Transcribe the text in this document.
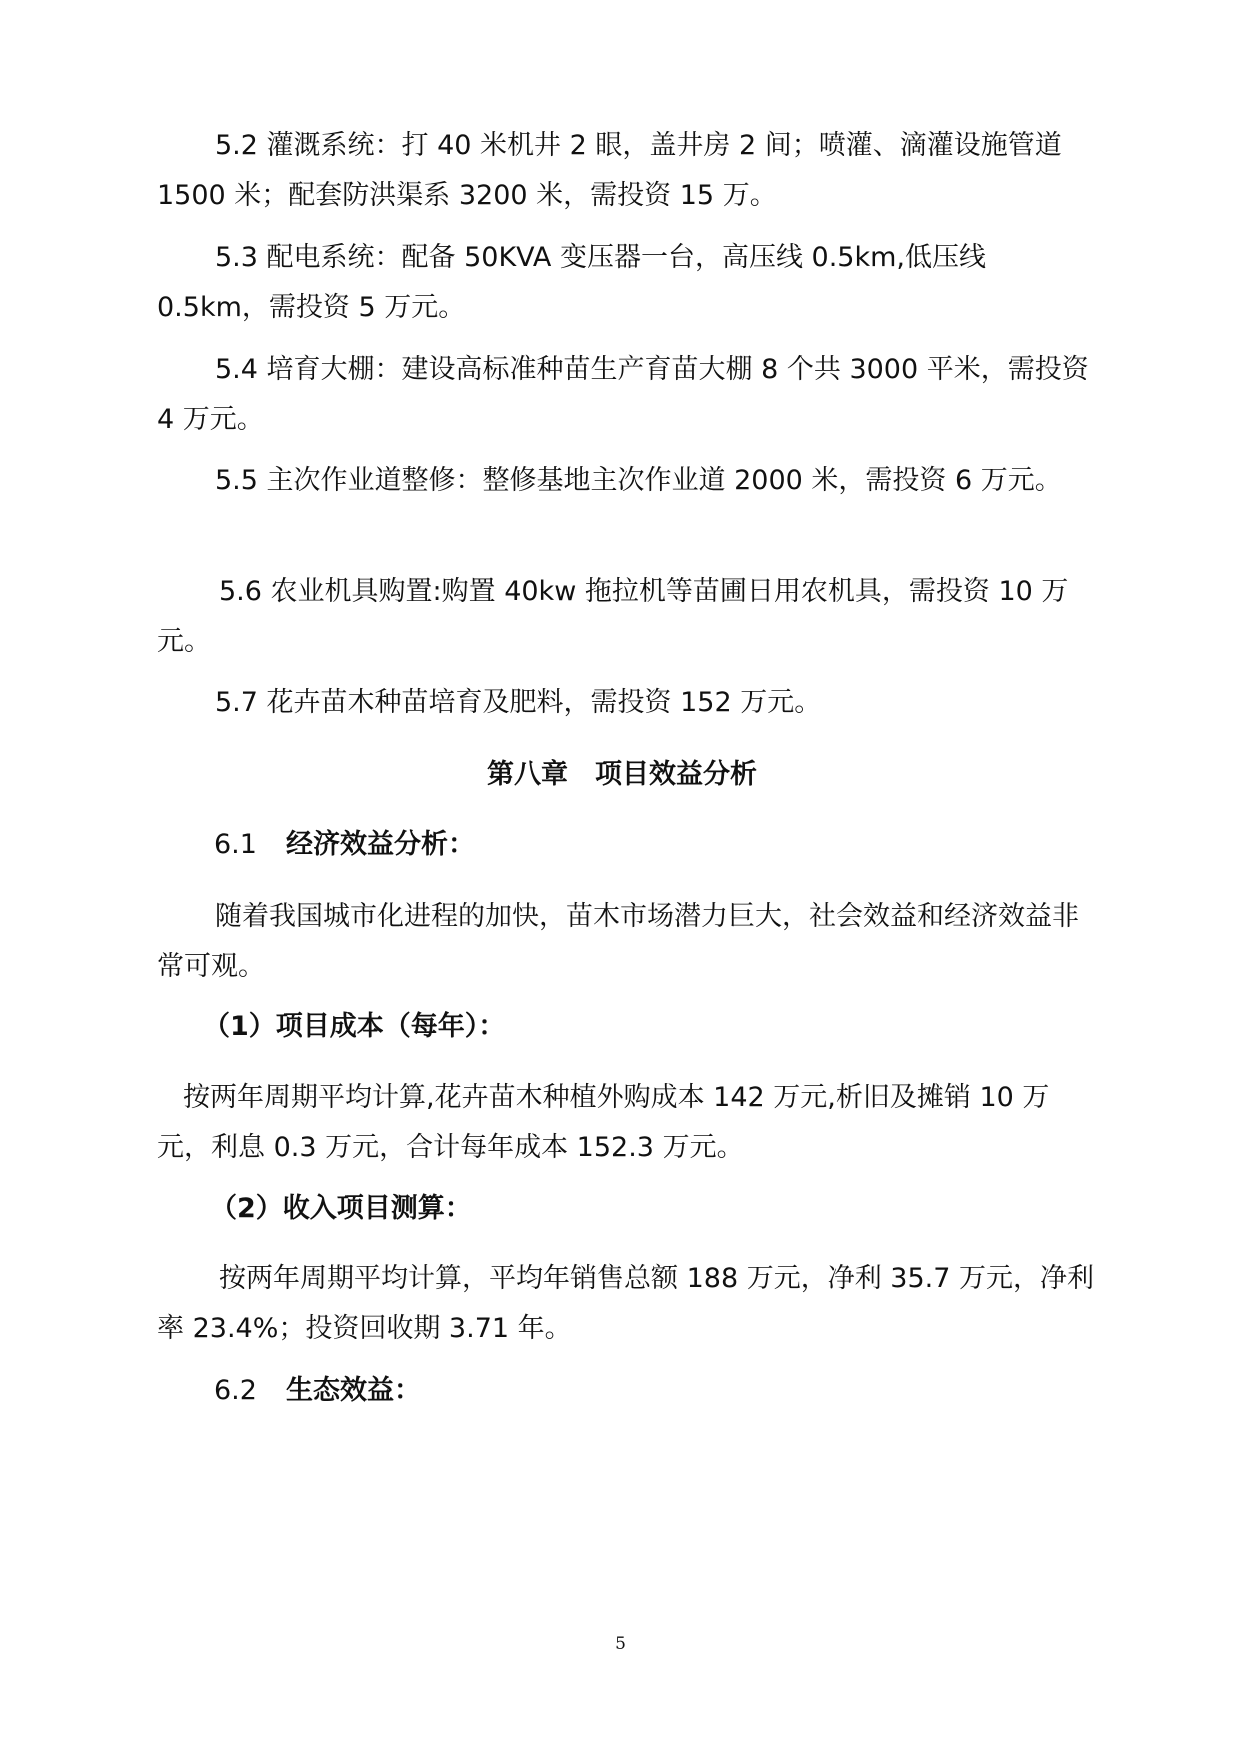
5.2 灌溉系统：打 40 米机井 2 眼，盖井房 2 间；喷灌、滴灌设施管道 1500 米；配套防洪渠系 3200 米，需投资 15 万。

5.3 配电系统：配备 50KVA 变压器一台，高压线 0.5km,低压线 0.5km，需投资 5 万元。

5.4 培育大棚：建设高标准种苗生产育苗大棚 8 个共 3000 平米，需投资 4 万元。

5.5 主次作业道整修：整修基地主次作业道 2000 米，需投资 6 万元。

5.6 农业机具购置:购置 40kw 拖拉机等苗圃日用农机具，需投资 10 万元。

5.7 花卉苗木种苗培育及肥料，需投资 152 万元。

第八章　项目效益分析

6.1 经济效益分析：

随着我国城市化进程的加快，苗木市场潜力巨大，社会效益和经济效益非常可观。

（1）项目成本（每年）：

按两年周期平均计算,花卉苗木种植外购成本 142 万元,析旧及摊销 10 万元，利息 0.3 万元，合计每年成本 152.3 万元。

（2）收入项目测算：

按两年周期平均计算，平均年销售总额 188 万元，净利 35.7 万元，净利率 23.4%；投资回收期 3.71 年。

6.2 生态效益：

5
